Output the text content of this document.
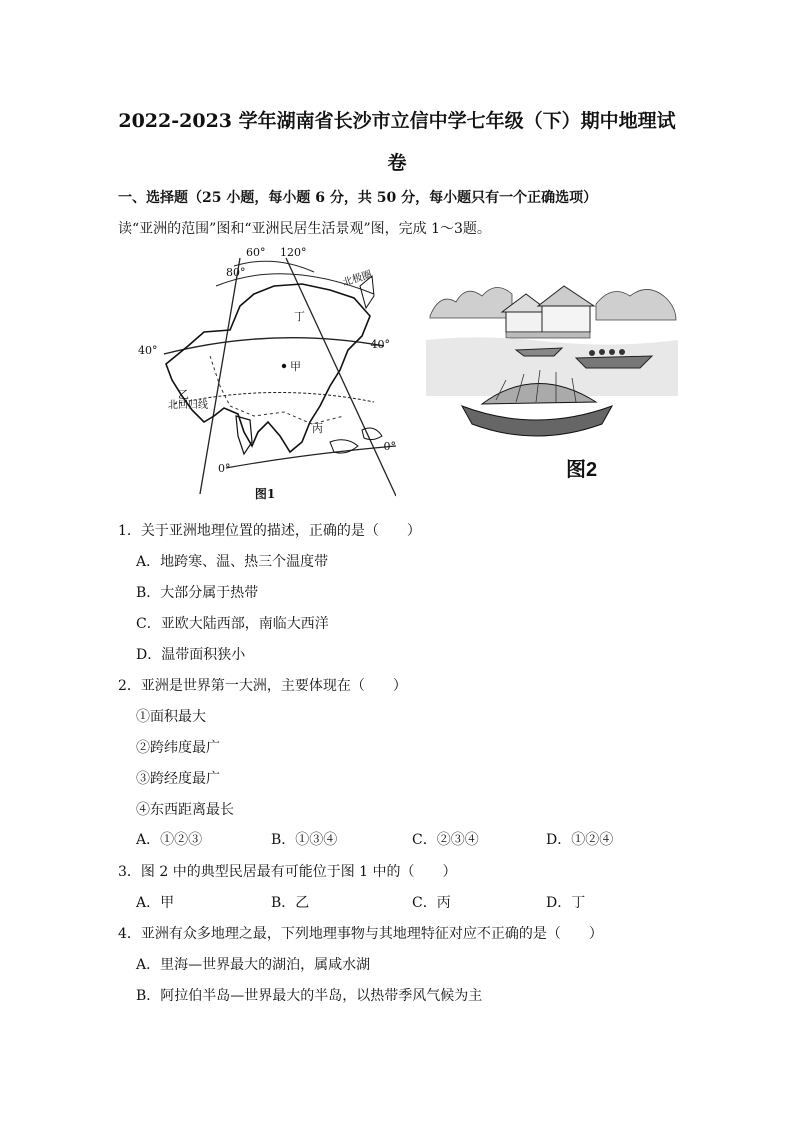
2022-2023 学年湖南省长沙市立信中学七年级（下）期中地理试
卷
一、选择题（25 小题，每小题 6 分，共 50 分，每小题只有一个正确选项）
读“亚洲的范围”图和“亚洲民居生活景观”图，完成 1～3题。
60° 120°
80°
40°	40°
0°
0°
北极圈
北回归线
甲
乙
丙
丁
图1
图2
1．关于亚洲地理位置的描述，正确的是（　　）
A．地跨寒、温、热三个温度带
B．大部分属于热带
C．亚欧大陆西部，南临大西洋
D．温带面积狭小
2．亚洲是世界第一大洲，主要体现在（　　）
①面积最大
②跨纬度最广
③跨经度最广
④东西距离最长
A．①②③	B．①③④	C．②③④	D．①②④
3．图 2 中的典型民居最有可能位于图 1 中的（　　）
A．甲	B．乙	C．丙	D．丁
4．亚洲有众多地理之最，下列地理事物与其地理特征对应不正确的是（　　）
A．里海—世界最大的湖泊，属咸水湖
B．阿拉伯半岛—世界最大的半岛，以热带季风气候为主
